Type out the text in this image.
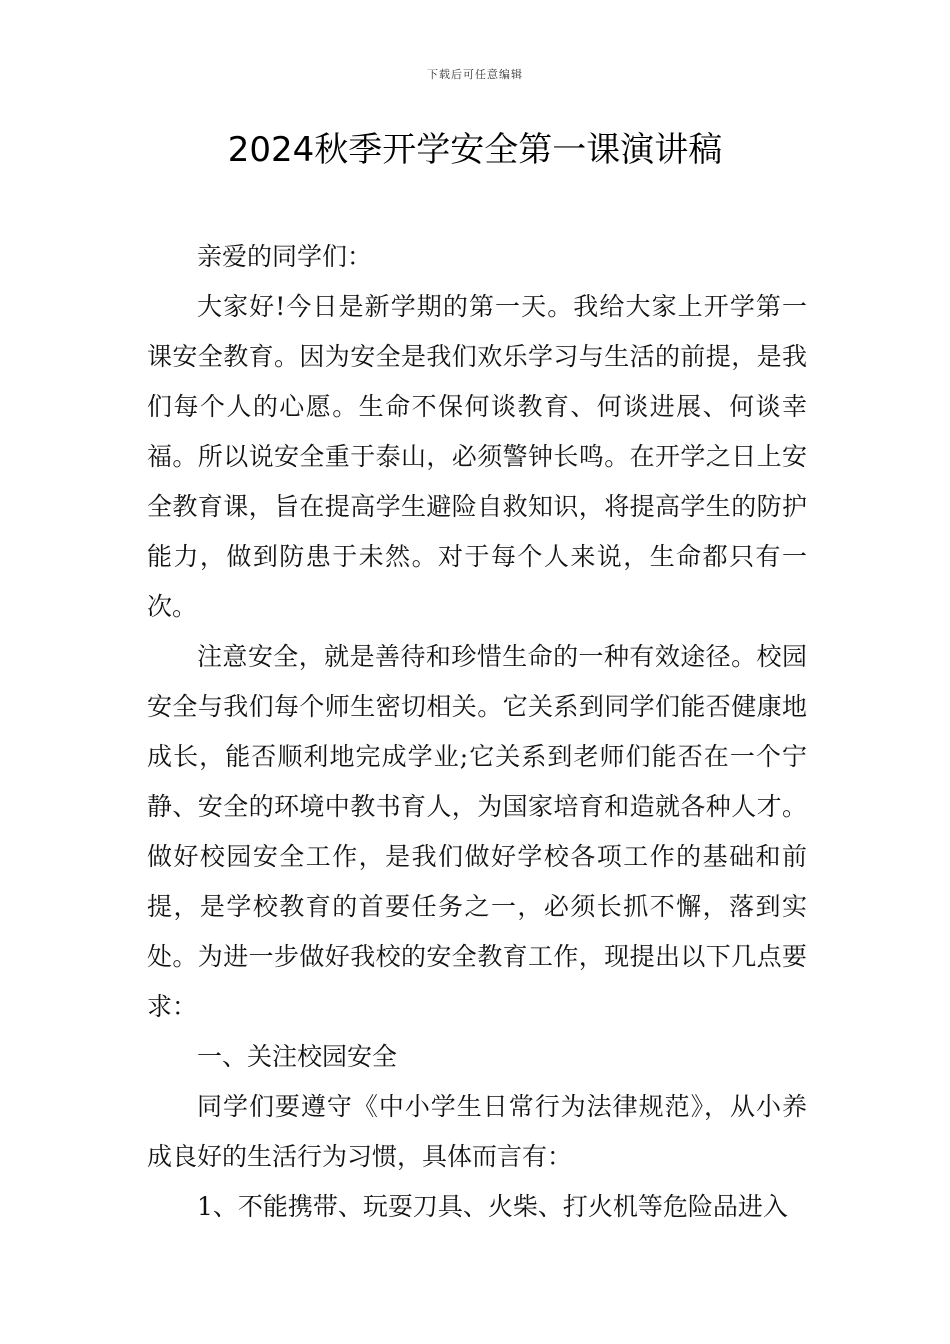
下载后可任意编辑
2024秋季开学安全第一课演讲稿

亲爱的同学们：

大家好!今日是新学期的第一天。我给大家上开学第一课安全教育。因为安全是我们欢乐学习与生活的前提，是我们每个人的心愿。生命不保何谈教育、何谈进展、何谈幸福。所以说安全重于泰山，必须警钟长鸣。在开学之日上安全教育课，旨在提高学生避险自救知识，将提高学生的防护能力，做到防患于未然。对于每个人来说，生命都只有一次。

注意安全，就是善待和珍惜生命的一种有效途径。校园安全与我们每个师生密切相关。它关系到同学们能否健康地成长，能否顺利地完成学业;它关系到老师们能否在一个宁静、安全的环境中教书育人，为国家培育和造就各种人才。做好校园安全工作，是我们做好学校各项工作的基础和前提，是学校教育的首要任务之一，必须长抓不懈，落到实处。为进一步做好我校的安全教育工作，现提出以下几点要求：

一、关注校园安全

同学们要遵守《中小学生日常行为法律规范》，从小养成良好的生活行为习惯，具体而言有：

1、不能携带、玩耍刀具、火柴、打火机等危险品进入
